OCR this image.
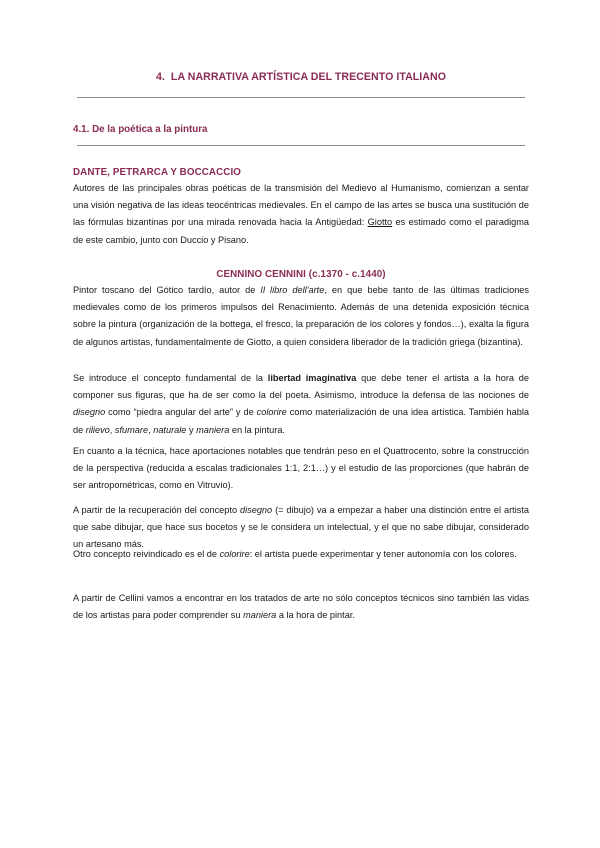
4.  LA NARRATIVA ARTÍSTICA DEL TRECENTO ITALIANO
4.1. De la poética a la pintura
DANTE, PETRARCA Y BOCCACCIO
Autores de las principales obras poéticas de la transmisión del Medievo al Humanismo, comienzan a sentar una visión negativa de las ideas teocéntricas medievales. En el campo de las artes se busca una sustitución de las fórmulas bizantinas por una mirada renovada hacia la Antigüedad: Giotto es estimado como el paradigma de este cambio, junto con Duccio y Pisano.
CENNINO CENNINI (c.1370 - c.1440)
Pintor toscano del Gótico tardío, autor de Il libro dell'arte, en que bebe tanto de las últimas tradiciones medievales como de los primeros impulsos del Renacimiento. Además de una detenida exposición técnica sobre la pintura (organización de la bottega, el fresco, la preparación de los colores y fondos…), exalta la figura de algunos artistas, fundamentalmente de Giotto, a quien considera liberador de la tradición griega (bizantina).
Se introduce el concepto fundamental de la libertad imaginativa que debe tener el artista a la hora de componer sus figuras, que ha de ser como la del poeta. Asimismo, introduce la defensa de las nociones de disegno como “piedra angular del arte” y de colorire como materialización de una idea artística. También habla de rilievo, sfumare, naturale y maniera en la pintura.
En cuanto a la técnica, hace aportaciones notables que tendrán peso en el Quattrocento, sobre la construcción de la perspectiva (reducida a escalas tradicionales 1:1, 2:1…) y el estudio de las proporciones (que habrán de ser antropométricas, como en Vitruvio).
A partir de la recuperación del concepto disegno (= dibujo) va a empezar a haber una distinción entre el artista que sabe dibujar, que hace sus bocetos y se le considera un intelectual, y el que no sabe dibujar, considerado un artesano más.
Otro concepto reivindicado es el de colorire: el artista puede experimentar y tener autonomía con los colores.
A partir de Cellini vamos a encontrar en los tratados de arte no sólo conceptos técnicos sino también las vidas de los artistas para poder comprender su maniera a la hora de pintar.
